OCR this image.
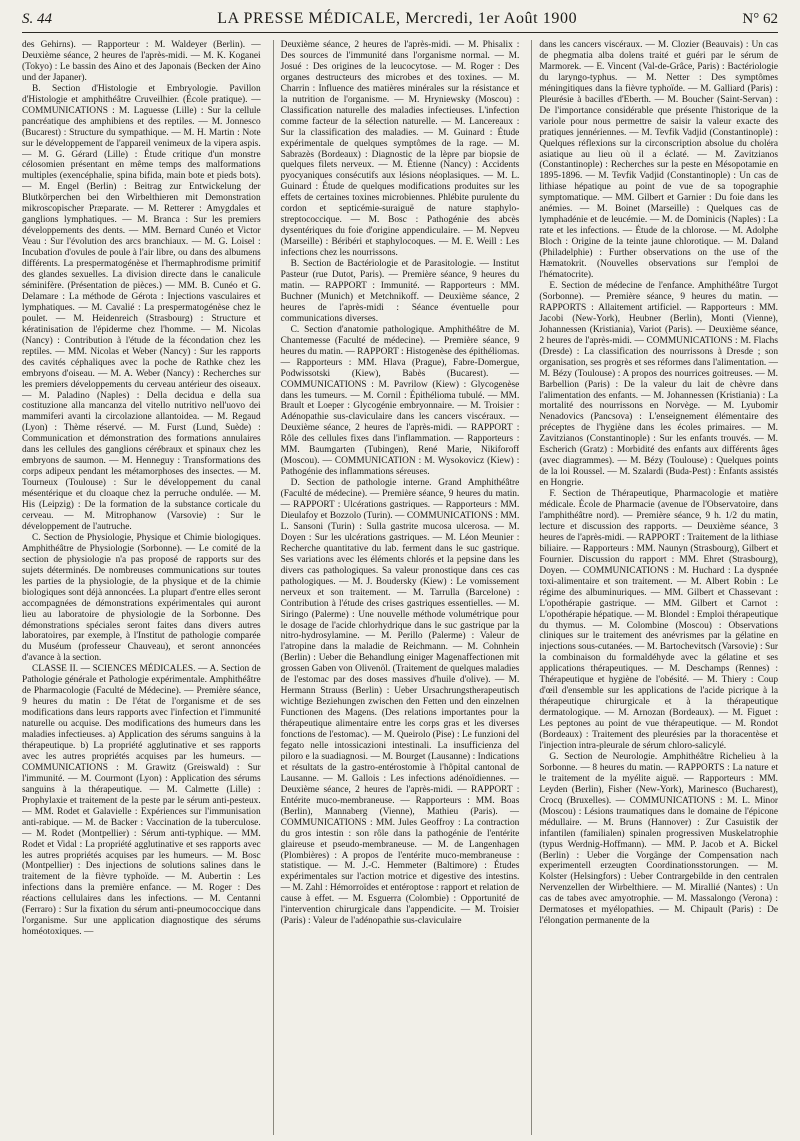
S. 44	LA PRESSE MÉDICALE, Mercredi, 1er Août 1900	N° 62

des Gehirns). — Rapporteur : M. Waldeyer (Berlin). — Deuxième séance, 2 heures de l'après-midi. — M. K. Koganei (Tokyo) : Le bassin des Aino et des Japonais (Becken der Aino und der Japaner).

B. Section d'Histologie et Embryologie. Pavillon d'Histologie et amphithéâtre Cruveilhier. (École pratique). — COMMUNICATIONS : M. Laguesse (Lille) : Sur la cellule pancréatique des amphibiens et des reptiles. — M. Jonnesco (Bucarest) : Structure du sympathique. — M. H. Martin : Note sur le développement de l'appareil venimeux de la vipera aspis. — M. G. Gérard (Lille) : Étude critique d'un monstre célosomien présentant en même temps des malformations multiples (exencéphalie, spina bifida, main bote et pieds bots). — M. Engel (Berlin) : Beitrag zur Entwickelung der Blutkörperchen bei den Wirbelthieren mit Demonstration mikroscopischer Præparate. — M. Retterer : Amygdales et ganglions lymphatiques. — M. Branca : Sur les premiers développements des dents. — MM. Bernard Cunéo et Victor Veau : Sur l'évolution des arcs branchiaux. — M. G. Loisel : Incubation d'ovules de poule à l'air libre, ou dans des albumens différents. La prespermatogénèse et l'hermaphrodisme primitif des glandes sexuelles. La division directe dans le canalicule séminifère. (Présentation de pièces.) — MM. B. Cunéo et G. Delamare : La méthode de Gérota : Injections vasculaires et lymphatiques. — M. Cavalié : La prespermatogénèse chez le poulet. — M. Heidenreich (Strasbourg) : Structure et kératinisation de l'épiderme chez l'homme. — M. Nicolas (Nancy) : Contribution à l'étude de la fécondation chez les reptiles. — MM. Nicolas et Weber (Nancy) : Sur les rapports des cavités céphaliques avec la poche de Rathke chez les embryons d'oiseau. — M. A. Weber (Nancy) : Recherches sur les premiers développements du cerveau antérieur des oiseaux. — M. Paladino (Naples) : Della decidua e della sua costituzione alla mancanza del vitello nutritivo nell'uovo dei mammiferi avanti la circolazione allantoidea. — M. Regaud (Lyon) : Thème réservé. — M. Furst (Lund, Suède) : Communication et démonstration des formations annulaires dans les cellules des ganglions cérébraux et spinaux chez les embryons de saumon. — M. Henneguy : Transformations des corps adipeux pendant les métamorphoses des insectes. — M. Tourneux (Toulouse) : Sur le développement du canal mésentérique et du cloaque chez la perruche ondulée. — M. His (Leipzig) : De la formation de la substance corticale du cerveau. — M. Mitrophanow (Varsovie) : Sur le développement de l'autruche.

C. Section de Physiologie, Physique et Chimie biologiques. Amphithéâtre de Physiologie (Sorbonne). — Le comité de la section de physiologie n'a pas proposé de rapports sur des sujets déterminés. De nombreuses communications sur toutes les parties de la physiologie, de la physique et de la chimie biologiques sont déjà annoncées. La plupart d'entre elles seront accompagnées de démonstrations expérimentales qui auront lieu au laboratoire de physiologie de la Sorbonne. Des démonstrations spéciales seront faites dans divers autres laboratoires, par exemple, à l'Institut de pathologie comparée du Muséum (professeur Chauveau), et seront annoncées d'avance à la section.

CLASSE II. — SCIENCES MÉDICALES. — A. Section de Pathologie générale et Pathologie expérimentale. Amphithéâtre de Pharmacologie (Faculté de Médecine). — Première séance, 9 heures du matin : De l'état de l'organisme et de ses modifications dans leurs rapports avec l'infection et l'immunité naturelle ou acquise. Des modifications des humeurs dans les maladies infectieuses. a) Application des sérums sanguins à la thérapeutique. b) La propriété agglutinative et ses rapports avec les autres propriétés acquises par les humeurs. — COMMUNICATIONS : M. Grawitz (Greiswald) : Sur l'immunité. — M. Courmont (Lyon) : Application des sérums sanguins à la thérapeutique. — M. Calmette (Lille) : Prophylaxie et traitement de la peste par le sérum anti-pesteux. — MM. Rodet et Galavielle : Expériences sur l'immunisation anti-rabique. — M. de Backer : Vaccination de la tuberculose. — M. Rodet (Montpellier) : Sérum anti-typhique. — MM. Rodet et Vidal : La propriété agglutinative et ses rapports avec les autres propriétés acquises par les humeurs. — M. Bosc (Montpellier) : Des injections de solutions salines dans le traitement de la fièvre typhoïde. — M. Aubertin : Les infections dans la première enfance. — M. Roger : Des réactions cellulaires dans les infections. — M. Centanni (Ferraro) : Sur la fixation du sérum anti-pneumococcique dans l'organisme. Sur une application diagnostique des sérums homéotoxiques. —

Deuxième séance, 2 heures de l'après-midi. — M. Phisalix : Des sources de l'immunité dans l'organisme normal. — M. Josué : Des origines de la leucocytose. — M. Roger : Des organes destructeurs des microbes et des toxines. — M. Charrin : Influence des matières minérales sur la résistance et la nutrition de l'organisme. — M. Hryniewsky (Moscou) : Classification naturelle des maladies infectieuses. L'infection comme facteur de la sélection naturelle. — M. Lancereaux : Sur la classification des maladies. — M. Guinard : Étude expérimentale de quelques symptômes de la rage. — M. Sabrazès (Bordeaux) : Diagnostic de la lèpre par biopsie de quelques filets nerveux. — M. Étienne (Nancy) : Accidents pyocyaniques consécutifs aux lésions néoplasiques. — M. L. Guinard : Étude de quelques modifications produites sur les effets de certaines toxines microbiennes. Phlébite purulente du cordon et septicémie-suraiguë de nature staphylo-streptococcique. — M. Bosc : Pathogénie des abcès dysentériques du foie d'origine appendiculaire. — M. Nepveu (Marseille) : Béribéri et staphylocoques. — M. E. Weill : Les infections chez les nourrissons.

B. Section de Bactériologie et de Parasitologie. — Institut Pasteur (rue Dutot, Paris). — Première séance, 9 heures du matin. — RAPPORT : Immunité. — Rapporteurs : MM. Buchner (Munich) et Metchnikoff. — Deuxième séance, 2 heures de l'après-midi : Séance éventuelle pour communications diverses.

C. Section d'anatomie pathologique. Amphithéâtre de M. Chantemesse (Faculté de médecine). — Première séance, 9 heures du matin. — RAPPORT : Histogenèse des épithéliomas. — Rapporteurs : MM. Hlava (Prague), Fabre-Domergue, Podwissotski (Kiew), Babès (Bucarest). — COMMUNICATIONS : M. Pavrilow (Kiew) : Glycogenèse dans les tumeurs. — M. Cornil : Épithélioma tubulé. — MM. Brault et Loeper : Glycogénie embryonnaire. — M. Troisier : Adénopathie sus-claviculaire dans les cancers viscéraux. — Deuxième séance, 2 heures de l'après-midi. — RAPPORT : Rôle des cellules fixes dans l'inflammation. — Rapporteurs : MM. Baumgarten (Tubingen), René Marie, Nikiforoff (Moscou). — COMMUNICATION : M. Wysokovicz (Kiew) : Pathogénie des inflammations séreuses.

D. Section de pathologie interne. Grand Amphithéâtre (Faculté de médecine). — Première séance, 9 heures du matin. — RAPPORT : Ulcérations gastriques. — Rapporteurs : MM. Dieulafoy et Bozzolo (Turin). — COMMUNICATIONS : MM. L. Sansoni (Turin) : Sulla gastrite mucosa ulcerosa. — M. Doyen : Sur les ulcérations gastriques. — M. Léon Meunier : Recherche quantitative du lab. ferment dans le suc gastrique. Ses variations avec les éléments chlorés et la pepsine dans les divers cas pathologiques. Sa valeur pronostique dans ces cas pathologiques. — M. J. Boudersky (Kiew) : Le vomissement nerveux et son traitement. — M. Tarrulla (Barcelone) : Contribution à l'étude des crises gastriques essentielles. — M. Siringo (Palerme) : Une nouvelle méthode volumétrique pour le dosage de l'acide chlorhydrique dans le suc gastrique par la nitro-hydrosylamine. — M. Perillo (Palerme) : Valeur de l'atropine dans la maladie de Reichmann. — M. Cohnhein (Berlin) : Ueber die Behandlung einiger Magenaffectionen mit grossen Gaben von Olivenöl. (Traitement de quelques maladies de l'estomac par des doses massives d'huile d'olive). — M. Hermann Strauss (Berlin) : Ueber Ursachrungstherapeutisch wichtige Beziehungen zwischen den Fetten und den einzelnen Functionen des Magens. (Des relations importantes pour la thérapeutique alimentaire entre les corps gras et les diverses fonctions de l'estomac). — M. Queirolo (Pise) : Le funzioni del fegato nelle intossicazioni intestinali. La insufficienza del piloro e la suadiagnosi. — M. Bourget (Lausanne) : Indications et résultats de la gastro-entérostomie à l'hôpital cantonal de Lausanne. — M. Gallois : Les infections adénoïdiennes. — Deuxième séance, 2 heures de l'après-midi. — RAPPORT : Entérite muco-membraneuse. — Rapporteurs : MM. Boas (Berlin), Mannaberg (Vienne), Mathieu (Paris). — COMMUNICATIONS : MM. Jules Geoffroy : La contraction du gros intestin : son rôle dans la pathogénie de l'entérite glaireuse et pseudo-membraneuse. — M. de Langenhagen (Plombières) : A propos de l'entérite muco-membraneuse : statistique. — M. J.-C. Hemmeter (Baltimore) : Études expérimentales sur l'action motrice et digestive des intestins. — M. Zahl : Hémorroïdes et entéroptose : rapport et relation de cause à effet. — M. Esguerra (Colombie) : Opportunité de l'intervention chirurgicale dans l'appendicite. — M. Troisier (Paris) : Valeur de l'adénopathie sus-claviculaire

dans les cancers viscéraux. — M. Clozier (Beauvais) : Un cas de phegmatia alba dolens traité et guéri par le sérum de Marmorek. — E. Vincent (Val-de-Grâce, Paris) : Bactériologie du laryngo-typhus. — M. Netter : Des symptômes méningitiques dans la fièvre typhoïde. — M. Galliard (Paris) : Pleurésie à bacilles d'Eberth. — M. Boucher (Saint-Servan) : De l'importance considérable que présente l'historique de la variole pour nous permettre de saisir la valeur exacte des pratiques jennériennes. — M. Tevfik Vadjid (Constantinople) : Quelques réflexions sur la circonscription absolue du choléra asiatique au lieu où il a éclaté. — M. Zavitzianos (Constantinople) : Recherches sur la peste en Mésopotamie en 1895-1896. — M. Tevfik Vadjid (Constantinople) : Un cas de lithiase hépatique au point de vue de sa topographie symptomatique. — MM. Gilbert et Garnier : Du foie dans les anémies. — M. Boinet (Marseille) : Quelques cas de lymphadénie et de leucémie. — M. de Dominicis (Naples) : La rate et les infections. — Étude de la chlorose. — M. Adolphe Bloch : Origine de la teinte jaune chlorotique. — M. Daland (Philadelphie) : Further observations on the use of the Hæmatokrit. (Nouvelles observations sur l'emploi de l'hématocrite).

E. Section de médecine de l'enfance. Amphithéâtre Turgot (Sorbonne). — Première séance, 9 heures du matin. — RAPPORTS : Allaitement artificiel. — Rapporteurs : MM. Jacobi (New-York), Heubner (Berlin), Monti (Vienne), Johannessen (Kristiania), Variot (Paris). — Deuxième séance, 2 heures de l'après-midi. — COMMUNICATIONS : M. Flachs (Dresde) : La classification des nourrissons à Dresde ; son organisation, ses progrès et ses réformes dans l'alimentation. — M. Bézy (Toulouse) : A propos des nourrices goitreuses. — M. Barbellion (Paris) : De la valeur du lait de chèvre dans l'alimentation des enfants. — M. Johannessen (Kristiania) : La mortalité des nourrissons en Norvège. — M. Lyubomir Nenadovics (Pancsova) : L'enseignement élémentaire des préceptes de l'hygiène dans les écoles primaires. — M. Zavitzianos (Constantinople) : Sur les enfants trouvés. — M. Escherich (Gratz) : Morbidité des enfants aux différents âges (avec diagrammes). — M. Bézy (Toulouse) : Quelques points de la loi Roussel. — M. Szalardi (Buda-Pest) : Enfants assistés en Hongrie.

F. Section de Thérapeutique, Pharmacologie et matière médicale. École de Pharmacie (avenue de l'Observatoire, dans l'amphithéâtre nord). — Première séance, 9 h. 1/2 du matin, lecture et discussion des rapports. — Deuxième séance, 3 heures de l'après-midi. — RAPPORT : Traitement de la lithiase biliaire. — Rapporteurs : MM. Naunyn (Strasbourg), Gilbert et Fournier. Discussion du rapport : MM. Ehret (Strasbourg), Doyen. — COMMUNICATIONS : M. Huchard : La dyspnée toxi-alimentaire et son traitement. — M. Albert Robin : Le régime des albuminuriques. — MM. Gilbert et Chassevant : L'opothérapie gastrique. — MM. Gilbert et Carnot : L'opothérapie hépatique. — M. Blondel : Emploi thérapeutique du thymus. — M. Colombine (Moscou) : Observations cliniques sur le traitement des anévrismes par la gélatine en injections sous-cutanées. — M. Bartochevitsch (Varsovie) : Sur la combinaison du formaldéhyde avec la gélatine et ses applications thérapeutiques. — M. Deschamps (Rennes) : Thérapeutique et hygiène de l'obésité. — M. Thiery : Coup d'œil d'ensemble sur les applications de l'acide picrique à la thérapeutique chirurgicale et à la thérapeutique dermatologique. — M. Arnozan (Bordeaux). — M. Figuet : Les peptones au point de vue thérapeutique. — M. Rondot (Bordeaux) : Traitement des pleurésies par la thoracentèse et l'injection intra-pleurale de sérum chloro-salicylé.

G. Section de Neurologie. Amphithéâtre Richelieu à la Sorbonne. — 8 heures du matin. — RAPPORTS : La nature et le traitement de la myélite aiguë. — Rapporteurs : MM. Leyden (Berlin), Fisher (New-York), Marinesco (Bucharest), Crocq (Bruxelles). — COMMUNICATIONS : M. L. Minor (Moscou) : Lésions traumatiques dans le domaine de l'épicone médullaire. — M. Bruns (Hannover) : Zur Casuistik der infantilen (familialen) spinalen progressiven Muskelatrophie (typus Werdnig-Hoffmann). — MM. P. Jacob et A. Bickel (Berlin) : Ueber die Vorgänge der Compensation nach experimentell erzeugten Coordinationsstorungen. — M. Kolster (Helsingfors) : Ueber Contrargebilde in den centralen Nervenzellen der Wirbelthiere. — M. Mirallié (Nantes) : Un cas de tabes avec amyotrophie. — M. Massalongo (Verona) : Dermatoses et myélopathies. — M. Chipault (Paris) : De l'élongation permanente de la
